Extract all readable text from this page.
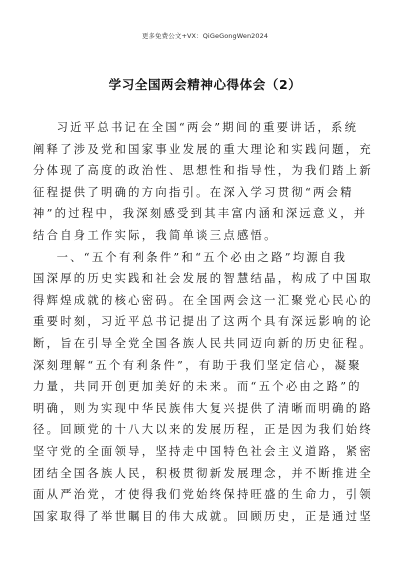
更多免费公文+VX：QiGeGongWen2024
学习全国两会精神心得体会（2）
习近平总书记在全国“两会”期间的重要讲话，系统
阐释了涉及党和国家事业发展的重大理论和实践问题，充
分体现了高度的政治性、思想性和指导性，为我们踏上新
征程提供了明确的方向指引。在深入学习贯彻“两会精
神”的过程中，我深刻感受到其丰富内涵和深远意义，并
结合自身工作实际，我简单谈三点感悟。
一、“五个有利条件”和“五个必由之路”均源自我
国深厚的历史实践和社会发展的智慧结晶，构成了中国取
得辉煌成就的核心密码。在全国两会这一汇聚党心民心的
重要时刻，习近平总书记提出了这两个具有深远影响的论
断，旨在引导全党全国各族人民共同迈向新的历史征程。
深刻理解“五个有利条件”，有助于我们坚定信心，凝聚
力量，共同开创更加美好的未来。而“五个必由之路”的
明确，则为实现中华民族伟大复兴提供了清晰而明确的路
径。回顾党的十八大以来的发展历程，正是因为我们始终
坚守党的全面领导，坚持走中国特色社会主义道路，紧密
团结全国各族人民，积极贯彻新发展理念，并不断推进全
面从严治党，才使得我们党始终保持旺盛的生命力，引领
国家取得了举世瞩目的伟大成就。回顾历史，正是通过坚
